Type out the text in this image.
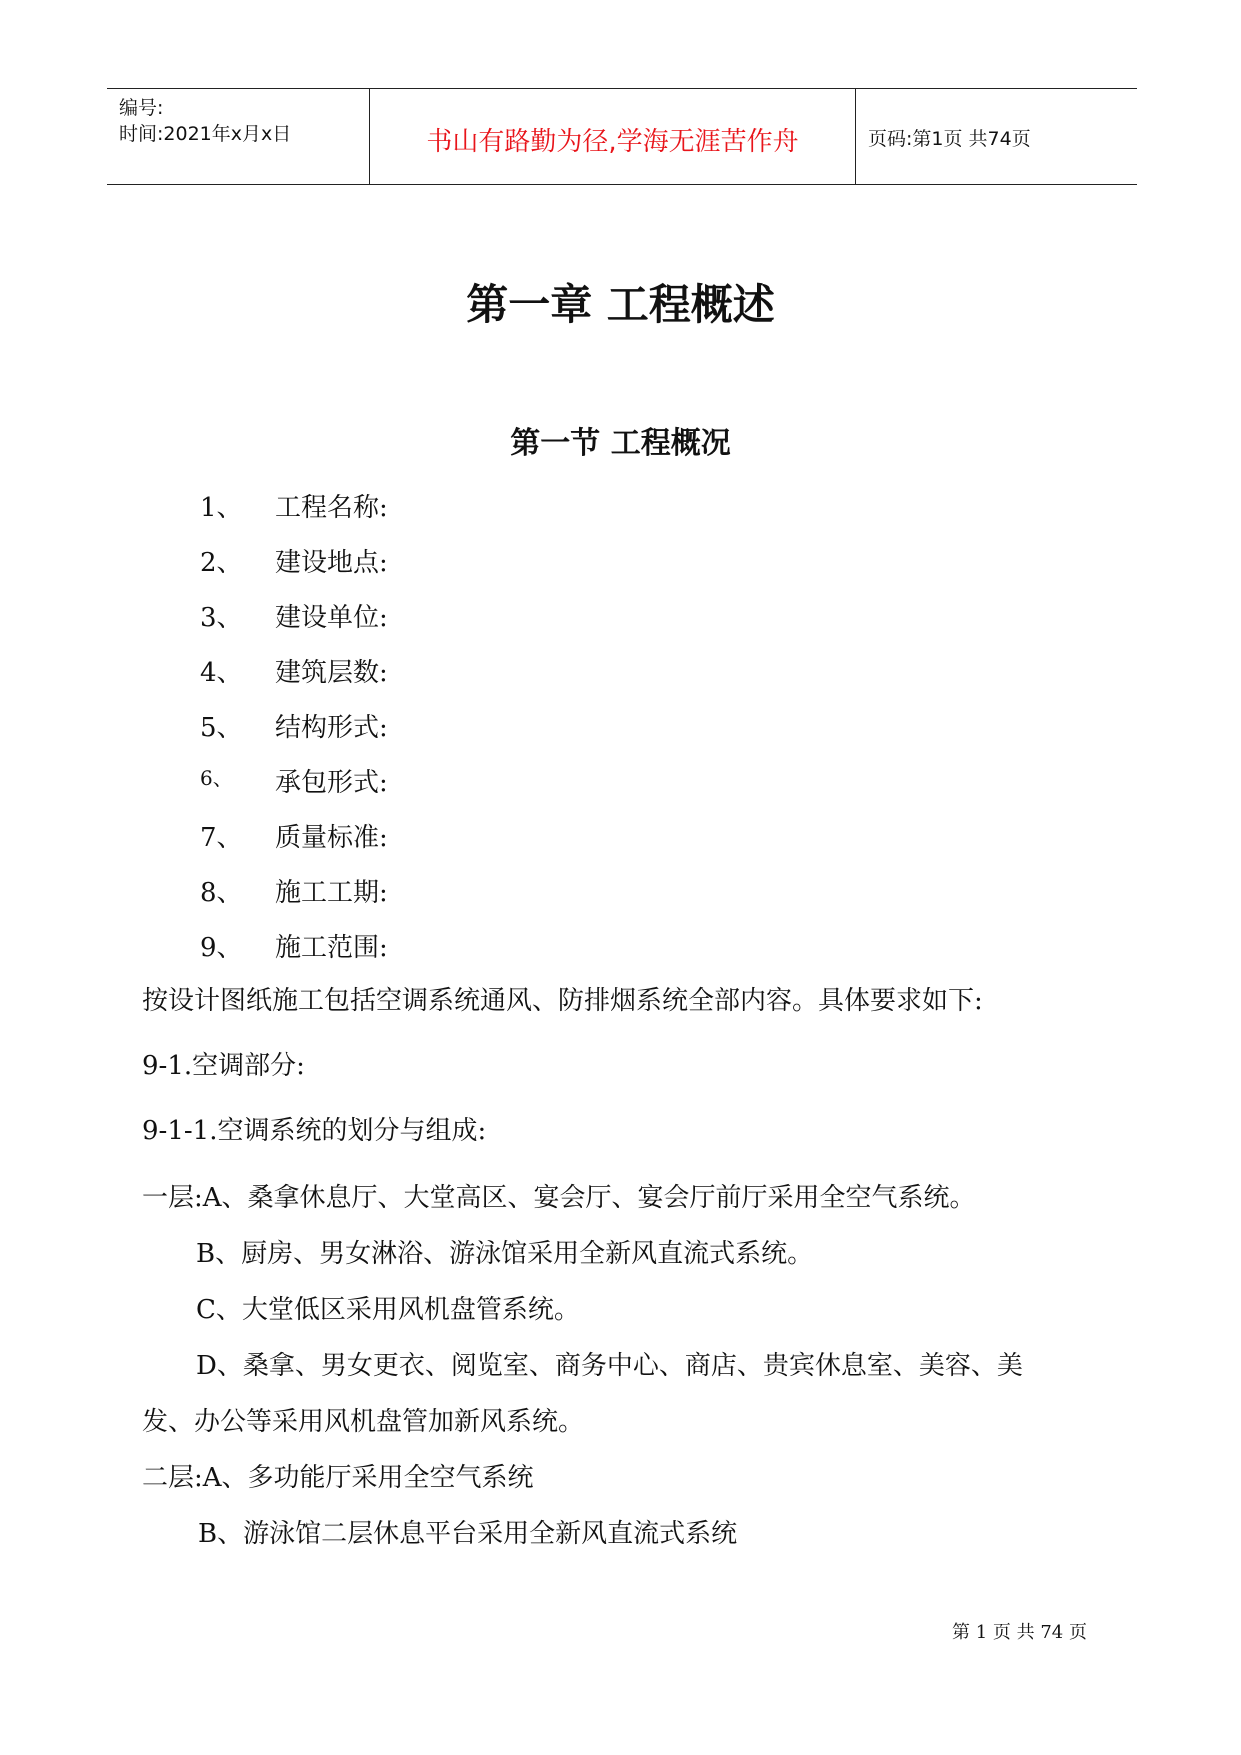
编号:
时间:2021年x月x日	书山有路勤为径,学海无涯苦作舟	页码:第1页 共74页
第一章 工程概述
第一节 工程概况
1、	工程名称:
2、	建设地点:
3、	建设单位:
4、	建筑层数:
5、	结构形式:
6、	承包形式:
7、	质量标准:
8、	施工工期:
9、	施工范围:
按设计图纸施工包括空调系统通风、防排烟系统全部内容。具体要求如下:
9-1.空调部分:
9-1-1.空调系统的划分与组成:
一层:A、桑拿休息厅、大堂高区、宴会厅、宴会厅前厅采用全空气系统。
B、厨房、男女淋浴、游泳馆采用全新风直流式系统。
C、大堂低区采用风机盘管系统。
D、桑拿、男女更衣、阅览室、商务中心、商店、贵宾休息室、美容、美
发、办公等采用风机盘管加新风系统。
二层:A、多功能厅采用全空气系统
B、游泳馆二层休息平台采用全新风直流式系统
第 1 页 共 74 页
